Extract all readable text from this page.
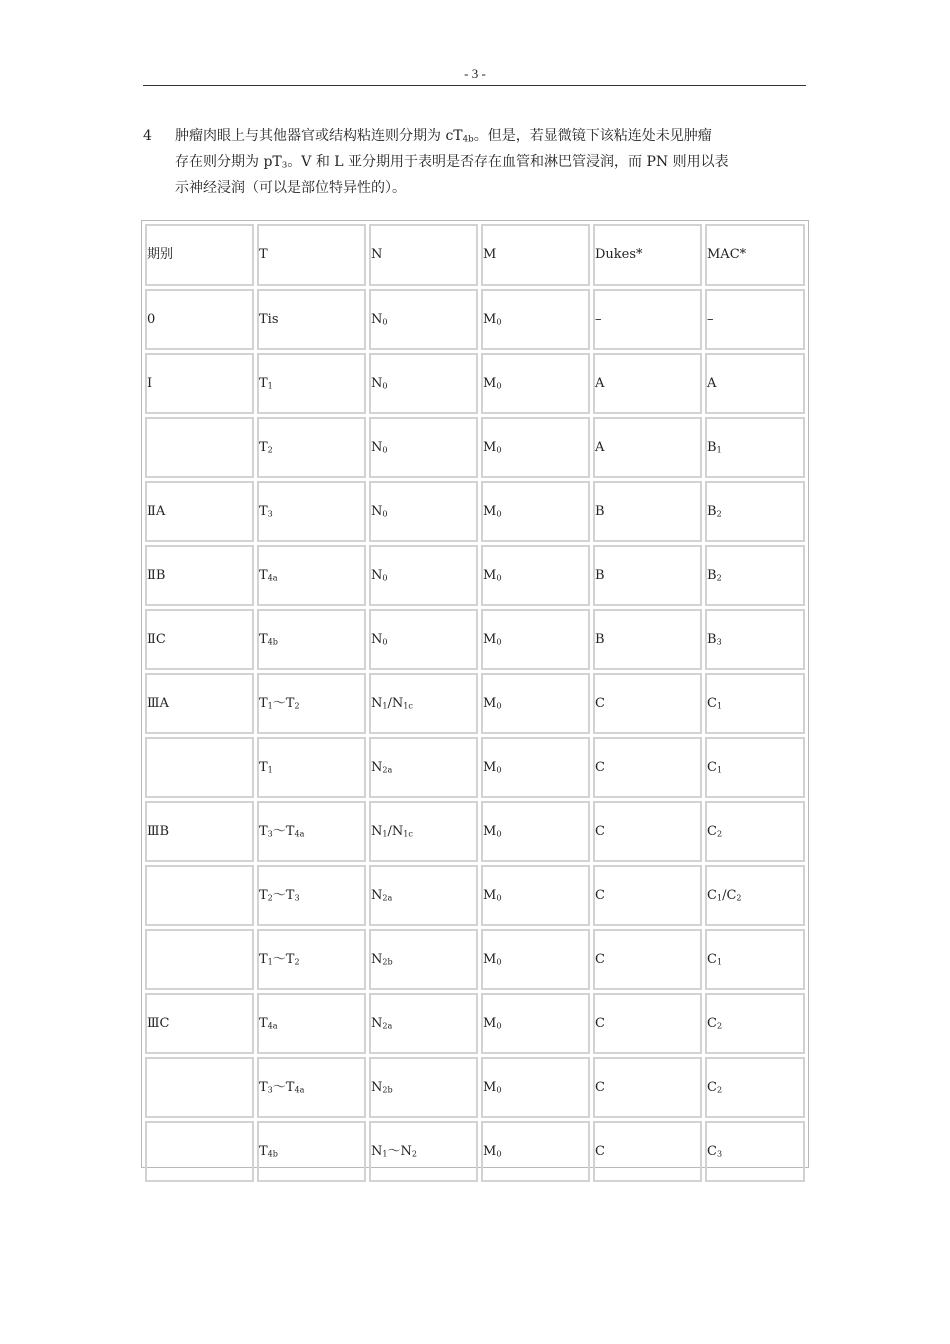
- 3 -
4	肿瘤肉眼上与其他器官或结构粘连则分期为 $cT_{4b}$。但是，若显微镜下该粘连处未见肿瘤
存在则分期为 $pT_3$。V 和 L 亚分期用于表明是否存在血管和淋巴管浸润，而 PN 则用以表
示神经浸润（可以是部位特异性的）。
期别	T	N	M	Dukes*	MAC*
0	Tis	$N_0$	$M_0$	–	–
Ⅰ	$T_1$	$N_0$	$M_0$	A	A
	$T_2$	$N_0$	$M_0$	A	$B_1$
ⅡA	$T_3$	$N_0$	$M_0$	B	$B_2$
ⅡB	$T_{4a}$	$N_0$	$M_0$	B	$B_2$
ⅡC	$T_{4b}$	$N_0$	$M_0$	B	$B_3$
ⅢA	$T_1\sim T_2$	$N_1/N_{1c}$	$M_0$	C	$C_1$
	$T_1$	$N_{2a}$	$M_0$	C	$C_1$
ⅢB	$T_3\sim T_{4a}$	$N_1/N_{1c}$	$M_0$	C	$C_2$
	$T_2\sim T_3$	$N_{2a}$	$M_0$	C	$C_1/C_2$
	$T_1\sim T_2$	$N_{2b}$	$M_0$	C	$C_1$
ⅢC	$T_{4a}$	$N_{2a}$	$M_0$	C	$C_2$
	$T_3\sim T_{4a}$	$N_{2b}$	$M_0$	C	$C_2$
	$T_{4b}$	$N_1\sim N_2$	$M_0$	C	$C_3$
